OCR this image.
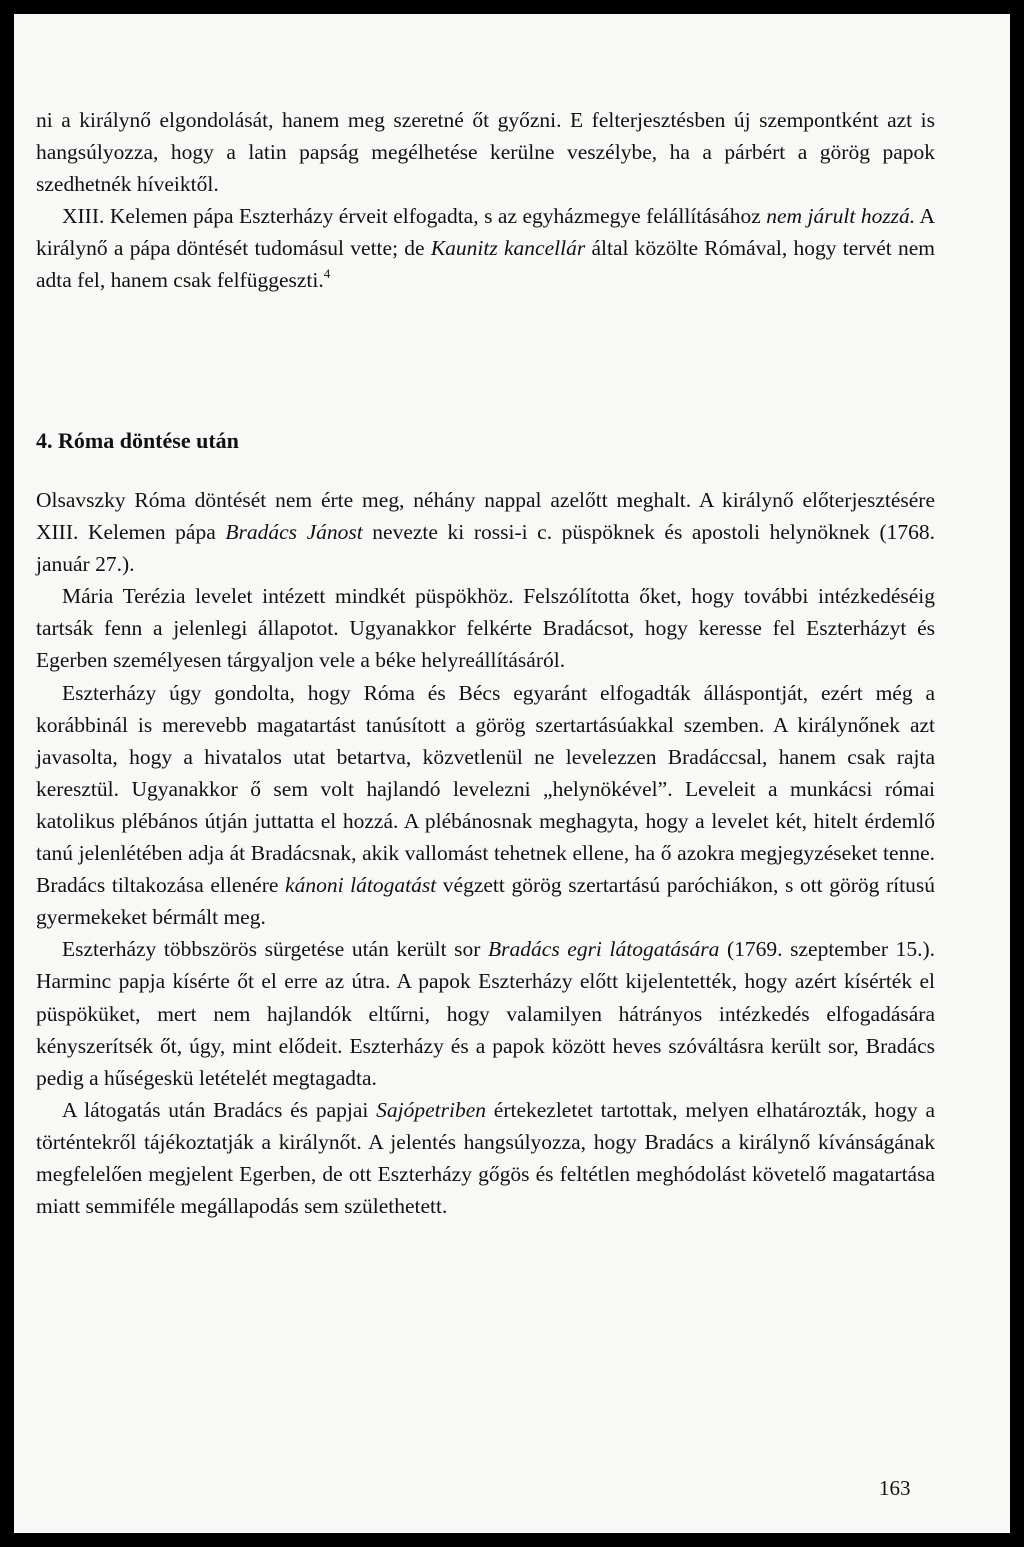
ni a királynő elgondolását, hanem meg szeretné őt győzni. E felterjesztésben új szempontként azt is hangsúlyozza, hogy a latin papság megélhetése kerülne veszélybe, ha a párbért a görög papok szedhetnék híveiktől.

XIII. Kelemen pápa Eszterházy érveit elfogadta, s az egyházmegye felállításához nem járult hozzá. A királynő a pápa döntését tudomásul vette; de Kaunitz kancellár által közölte Rómával, hogy tervét nem adta fel, hanem csak felfüggeszti.$^4$

4. Róma döntése után

Olsavszky Róma döntését nem érte meg, néhány nappal azelőtt meghalt. A királynő előterjesztésére XIII. Kelemen pápa Bradács Jánost nevezte ki rossi-i c. püspöknek és apostoli helynöknek (1768. január 27.).

Mária Terézia levelet intézett mindkét püspökhöz. Felszólította őket, hogy további intézkedéséig tartsák fenn a jelenlegi állapotot. Ugyanakkor felkérte Bradácsot, hogy keresse fel Eszterházyt és Egerben személyesen tárgyaljon vele a béke helyreállításáról.

Eszterházy úgy gondolta, hogy Róma és Bécs egyaránt elfogadták álláspontját, ezért még a korábbinál is merevebb magatartást tanúsított a görög szertartásúakkal szemben. A királynőnek azt javasolta, hogy a hivatalos utat betartva, közvetlenül ne levelezzen Bradáccsal, hanem csak rajta keresztül. Ugyanakkor ő sem volt hajlandó levelezni „helynökével”. Leveleit a munkácsi római katolikus plébános útján juttatta el hozzá. A plébánosnak meghagyta, hogy a levelet két, hitelt érdemlő tanú jelenlétében adja át Bradácsnak, akik vallomást tehetnek ellene, ha ő azokra megjegyzéseket tenne. Bradács tiltakozása ellenére kánoni látogatást végzett görög szertartású paróchiákon, s ott görög rítusú gyermekeket bérmált meg.

Eszterházy többszörös sürgetése után került sor Bradács egri látogatására (1769. szeptember 15.). Harminc papja kísérte őt el erre az útra. A papok Eszterházy előtt kijelentették, hogy azért kísérték el püspöküket, mert nem hajlandók eltűrni, hogy valamilyen hátrányos intézkedés elfogadására kényszerítsék őt, úgy, mint elődeit. Eszterházy és a papok között heves szóváltásra került sor, Bradács pedig a hűségeskü letételét megtagadta.

A látogatás után Bradács és papjai Sajópetriben értekezletet tartottak, melyen elhatározták, hogy a történtekről tájékoztatják a királynőt. A jelentés hangsúlyozza, hogy Bradács a királynő kívánságának megfelelően megjelent Egerben, de ott Eszterházy gőgös és feltétlen meghódolást követelő magatartása miatt semmiféle megállapodás sem születhetett.

163
